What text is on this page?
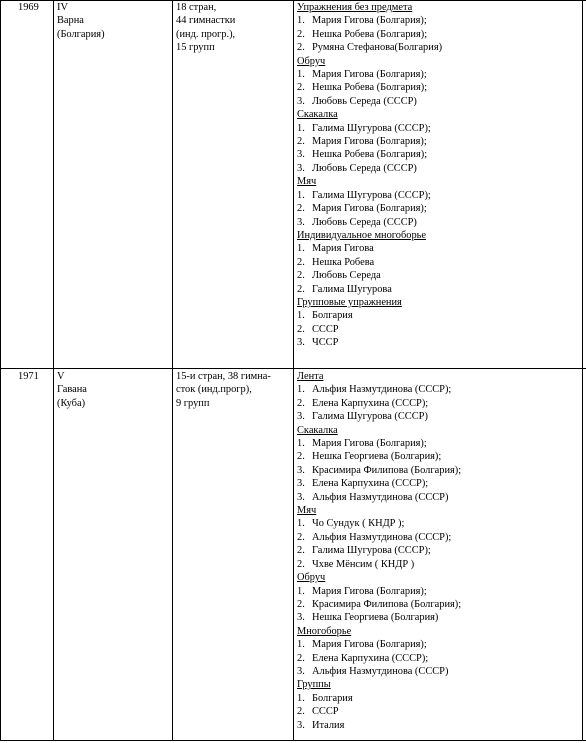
1969 IV

Варна

(Болгария)

18 стран,

44 гимнастки

(инд. прогр.),

15 групп

Упражнения без предмета

1. Мария Гигова (Болгария);

2. Нешка Робева (Болгария);

2. Румяна Стефанова(Болгария)

Обруч

1. Мария Гигова (Болгария);

2. Нешка Робева (Болгария);

3. Любовь Середа (СССР)

Скакалка

1. Галима Шугурова (СССР);

2. Мария Гигова (Болгария);

3. Нешка Робева (Болгария);

3. Любовь Середа (СССР)

Мяч

1. Галима Шугурова (СССР);

2. Мария Гигова (Болгария);

3. Любовь Середа (СССР)

Индивидуальное многоборье

1. Мария Гигова

2. Нешка Робева

2. Любовь Середа

2. Галима Шугурова

Групповые упражнения

1. Болгария

2. СССР

3. ЧССР

1971 V

Гавана

(Куба)

15-и стран, 38 гимна-

сток (инд.прогр),

9 групп

Лента

1. Альфия Назмутдинова (СССР);

2. Елена Карпухина (СССР);

3. Галима Шугурова (СССР)

Скакалка

1. Мария Гигова (Болгария);

2. Нешка Георгиева (Болгария);

3. Красимира Филипова (Болгария);

3. Елена Карпухина (СССР);

3. Альфия Назмутдинова (СССР)

Мяч

1. Чо Сундук ( КНДР );

2. Альфия Назмутдинова (СССР);

2. Галима Шугурова (СССР);

2. Чхве Мёнсим ( КНДР )

Обруч

1. Мария Гигова (Болгария);

2. Красимира Филипова (Болгария);

3. Нешка Георгиева (Болгария)

Многоборье

1. Мария Гигова (Болгария);

2. Елена Карпухина (СССР);

3. Альфия Назмутдинова (СССР)

Группы

1. Болгария

2. СССР

3. Италия
